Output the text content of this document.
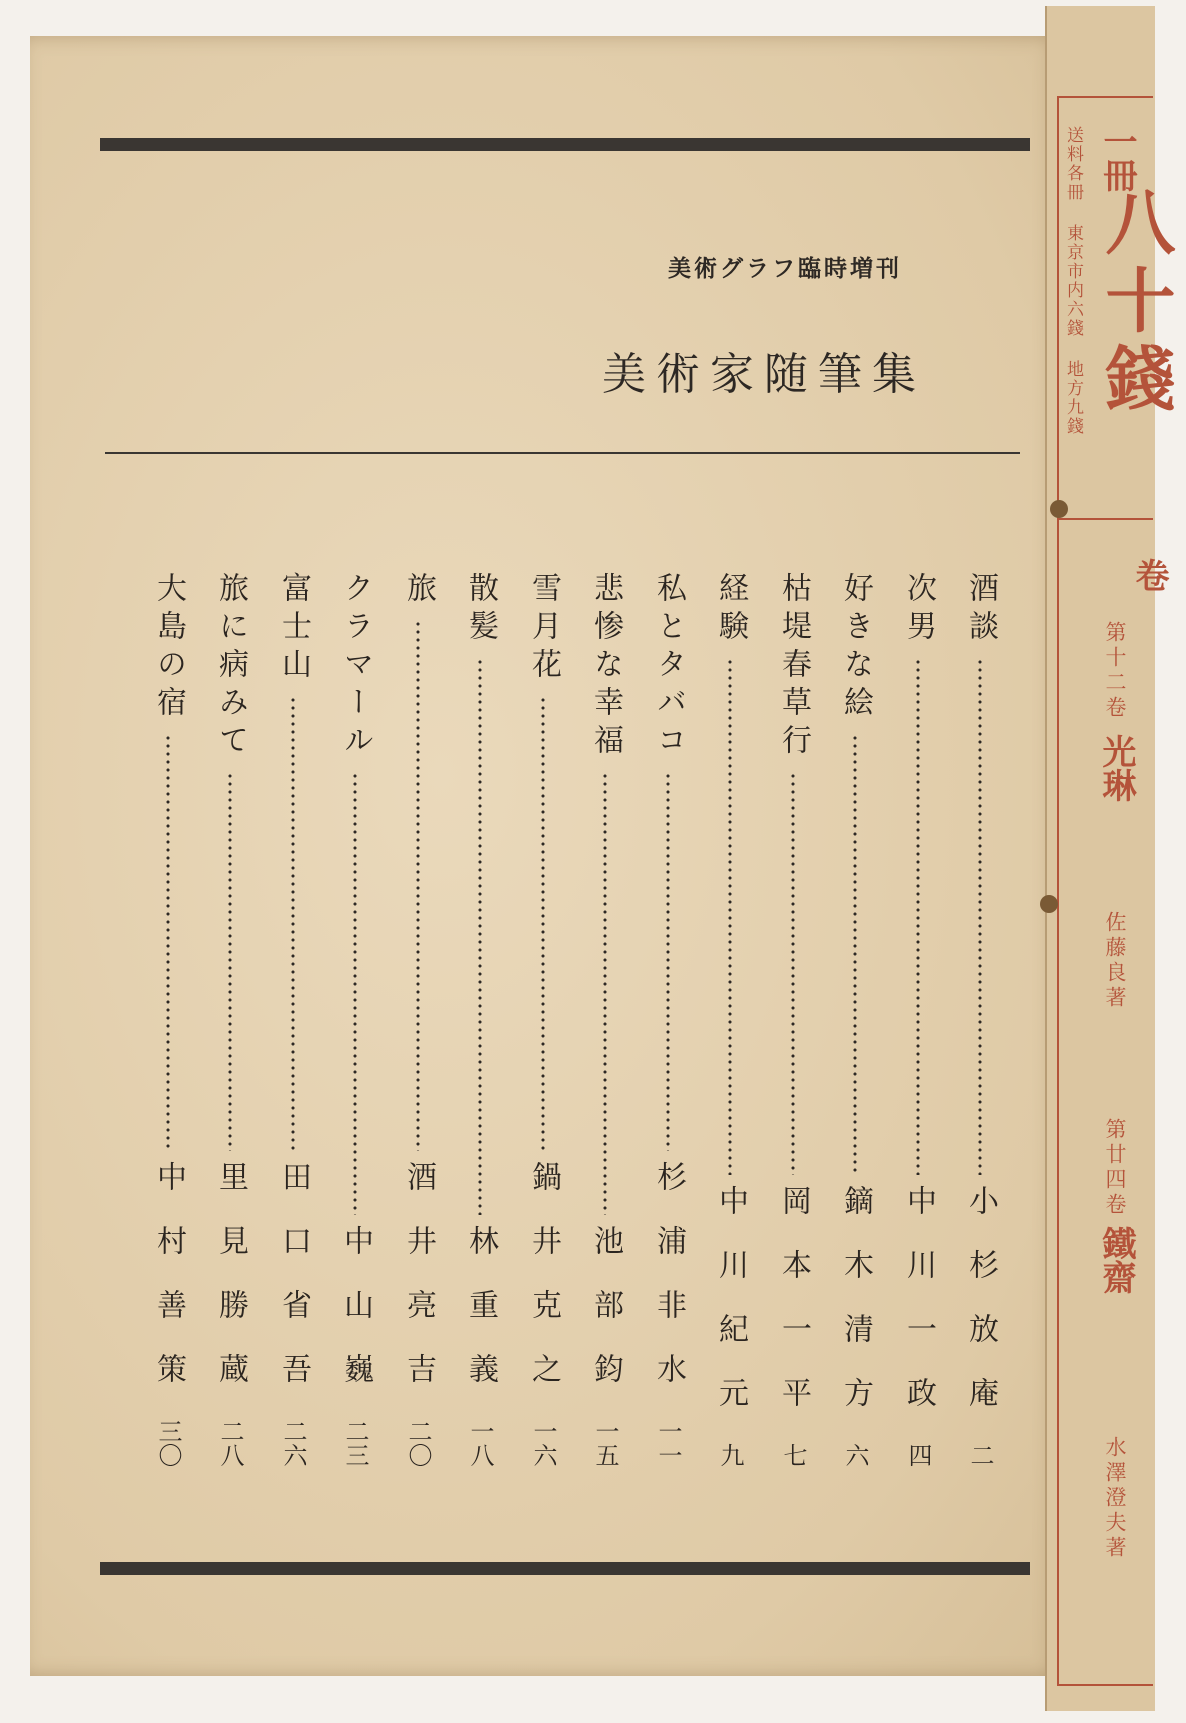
美術グラフ臨時増刊
美術家随筆集
酒談
小杉放庵
二
次男
中川一政
四
好きな絵
鏑木清方
六
枯堤春草行
岡本一平
七
経験
中川紀元
九
私とタバコ
杉浦非水
一一
悲惨な幸福
池部鈞
一五
雪月花
鍋井克之
一六
散髪
林重義
一八
旅
酒井亮吉
二〇
クラマール
中山巍
二三
富士山
田口省吾
二六
旅に病みて
里見勝蔵
二八
大島の宿
中村善策
三〇
送料各冊 東京市内六錢 地方九錢 一冊
八十錢
卷
第十二卷
光琳
佐藤良著
第廿四卷
鐵齋
水澤澄夫著
